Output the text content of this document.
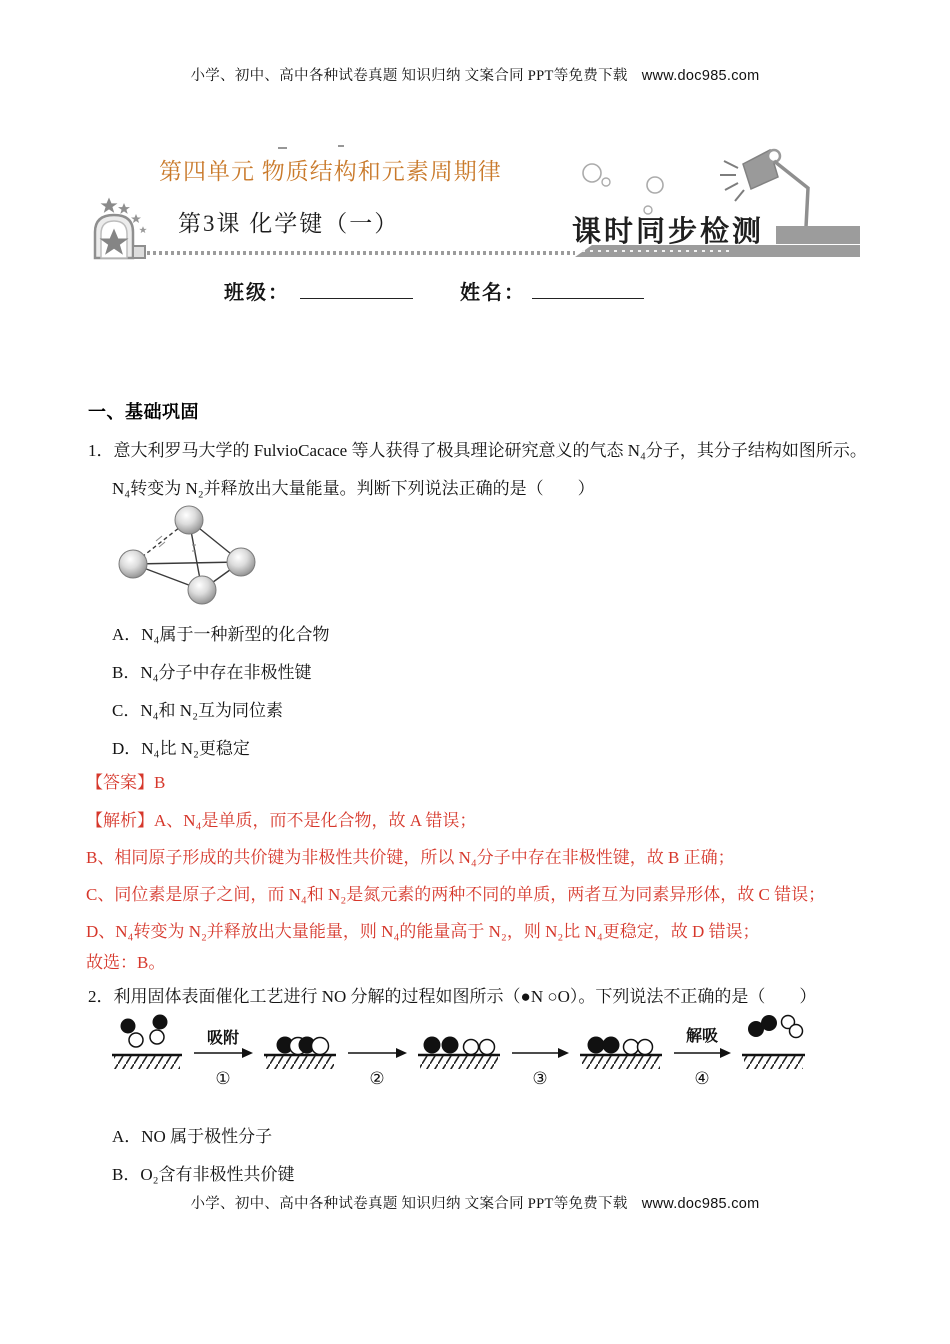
小学、初中、高中各种试卷真题 知识归纳 文案合同 PPT等免费下载 www.doc985.com
第四单元 物质结构和元素周期律
第3课 化学键（一）	课时同步检测
班级：	姓名：
一、基础巩固
1．意大利罗马大学的 FulvioCacace 等人获得了极具理论研究意义的气态 N₄分子，其分子结构如图所示。
N₄转变为 N₂并释放出大量能量。判断下列说法正确的是（　　）
A．N₄属于一种新型的化合物
B．N₄分子中存在非极性键
C．N₄和 N₂互为同位素
D．N₄比 N₂更稳定
【答案】B
【解析】A、N₄是单质，而不是化合物，故 A 错误；
B、相同原子形成的共价键为非极性共价键，所以 N₄分子中存在非极性键，故 B 正确；
C、同位素是原子之间，而 N₄和 N₂是氮元素的两种不同的单质，两者互为同素异形体，故 C 错误；
D、N₄转变为 N₂并释放出大量能量，则 N₄的能量高于 N₂，则 N₂比 N₄更稳定，故 D 错误；
故选：B。
2．利用固体表面催化工艺进行 NO 分解的过程如图所示（●N ○O）。下列说法不正确的是（　　）
吸附	解吸
①	②	③	④
A．NO 属于极性分子
B．O₂含有非极性共价键
小学、初中、高中各种试卷真题 知识归纳 文案合同 PPT等免费下载 www.doc985.com
